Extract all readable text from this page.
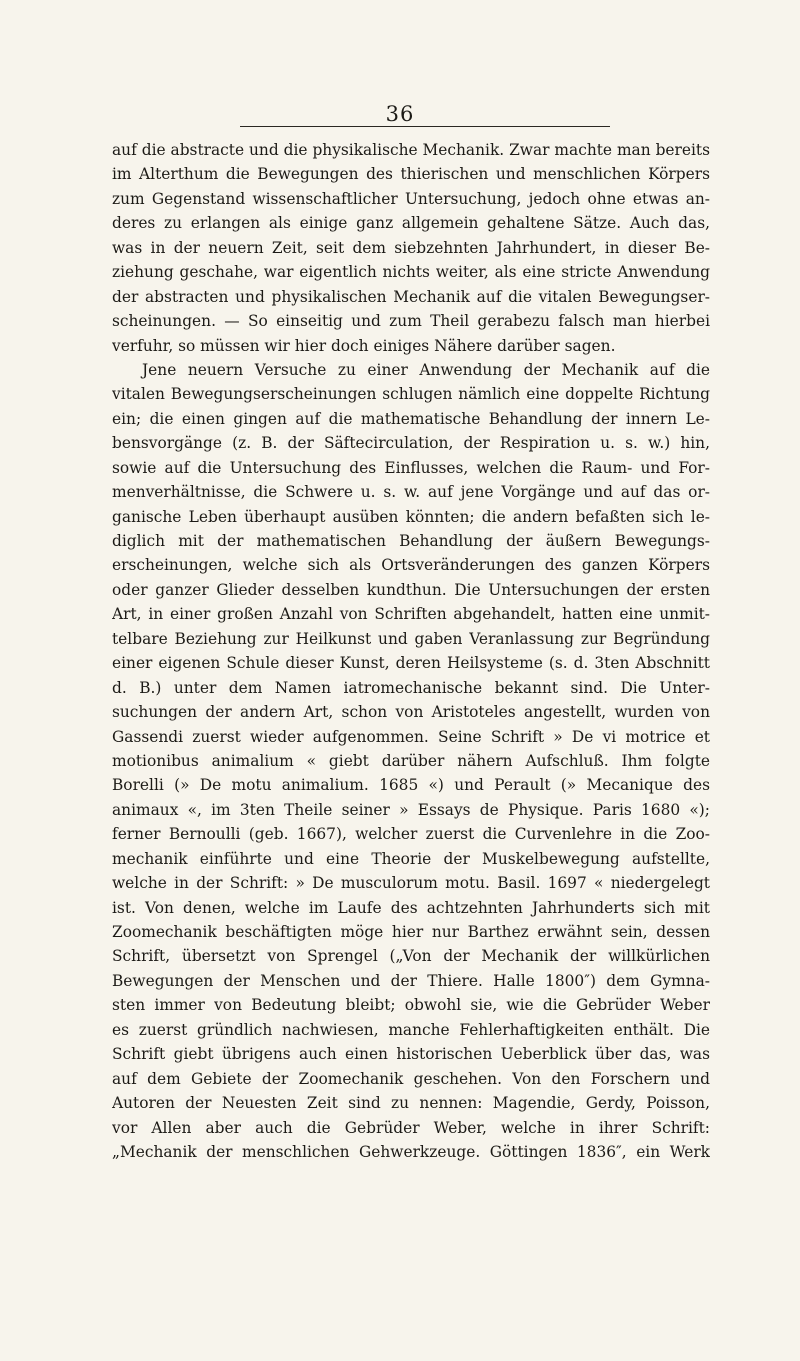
36
auf die abstracte und die physikalische Mechanik. Zwar machte man bereits
im Alterthum die Bewegungen des thierischen und menschlichen Körpers
zum Gegenstand wissenschaftlicher Untersuchung, jedoch ohne etwas an-
deres zu erlangen als einige ganz allgemein gehaltene Sätze. Auch das,
was in der neuern Zeit, seit dem siebzehnten Jahrhundert, in dieser Be-
ziehung geschahe, war eigentlich nichts weiter, als eine stricte Anwendung
der abstracten und physikalischen Mechanik auf die vitalen Bewegungser-
scheinungen. — So einseitig und zum Theil gerabezu falsch man hierbei
verfuhr, so müssen wir hier doch einiges Nähere darüber sagen.
Jene neuern Versuche zu einer Anwendung der Mechanik auf die
vitalen Bewegungserscheinungen schlugen nämlich eine doppelte Richtung
ein; die einen gingen auf die mathematische Behandlung der innern Le-
bensvorgänge (z. B. der Säftecirculation, der Respiration u. s. w.) hin,
sowie auf die Untersuchung des Einflusses, welchen die Raum- und For-
menverhältnisse, die Schwere u. s. w. auf jene Vorgänge und auf das or-
ganische Leben überhaupt ausüben könnten; die andern befaßten sich le-
diglich mit der mathematischen Behandlung der äußern Bewegungs-
erscheinungen, welche sich als Ortsveränderungen des ganzen Körpers
oder ganzer Glieder desselben kundthun. Die Untersuchungen der ersten
Art, in einer großen Anzahl von Schriften abgehandelt, hatten eine unmit-
telbare Beziehung zur Heilkunst und gaben Veranlassung zur Begründung
einer eigenen Schule dieser Kunst, deren Heilsysteme (s. d. 3ten Abschnitt
d. B.) unter dem Namen iatromechanische bekannt sind. Die Unter-
suchungen der andern Art, schon von Aristoteles angestellt, wurden von
Gassendi zuerst wieder aufgenommen. Seine Schrift » De vi motrice et
motionibus animalium « giebt darüber nähern Aufschluß. Ihm folgte
Borelli (» De motu animalium. 1685 «) und Perault (» Mecanique des
animaux «, im 3ten Theile seiner » Essays de Physique. Paris 1680 «);
ferner Bernoulli (geb. 1667), welcher zuerst die Curvenlehre in die Zoo-
mechanik einführte und eine Theorie der Muskelbewegung aufstellte,
welche in der Schrift: » De musculorum motu. Basil. 1697 « niedergelegt
ist. Von denen, welche im Laufe des achtzehnten Jahrhunderts sich mit
Zoomechanik beschäftigten möge hier nur Barthez erwähnt sein, dessen
Schrift, übersetzt von Sprengel („Von der Mechanik der willkürlichen
Bewegungen der Menschen und der Thiere. Halle 1800″) dem Gymna-
sten immer von Bedeutung bleibt; obwohl sie, wie die Gebrüder Weber
es zuerst gründlich nachwiesen, manche Fehlerhaftigkeiten enthält. Die
Schrift giebt übrigens auch einen historischen Ueberblick über das, was
auf dem Gebiete der Zoomechanik geschehen. Von den Forschern und
Autoren der Neuesten Zeit sind zu nennen: Magendie, Gerdy, Poisson,
vor Allen aber auch die Gebrüder Weber, welche in ihrer Schrift:
„Mechanik der menschlichen Gehwerkzeuge. Göttingen 1836″, ein Werk
